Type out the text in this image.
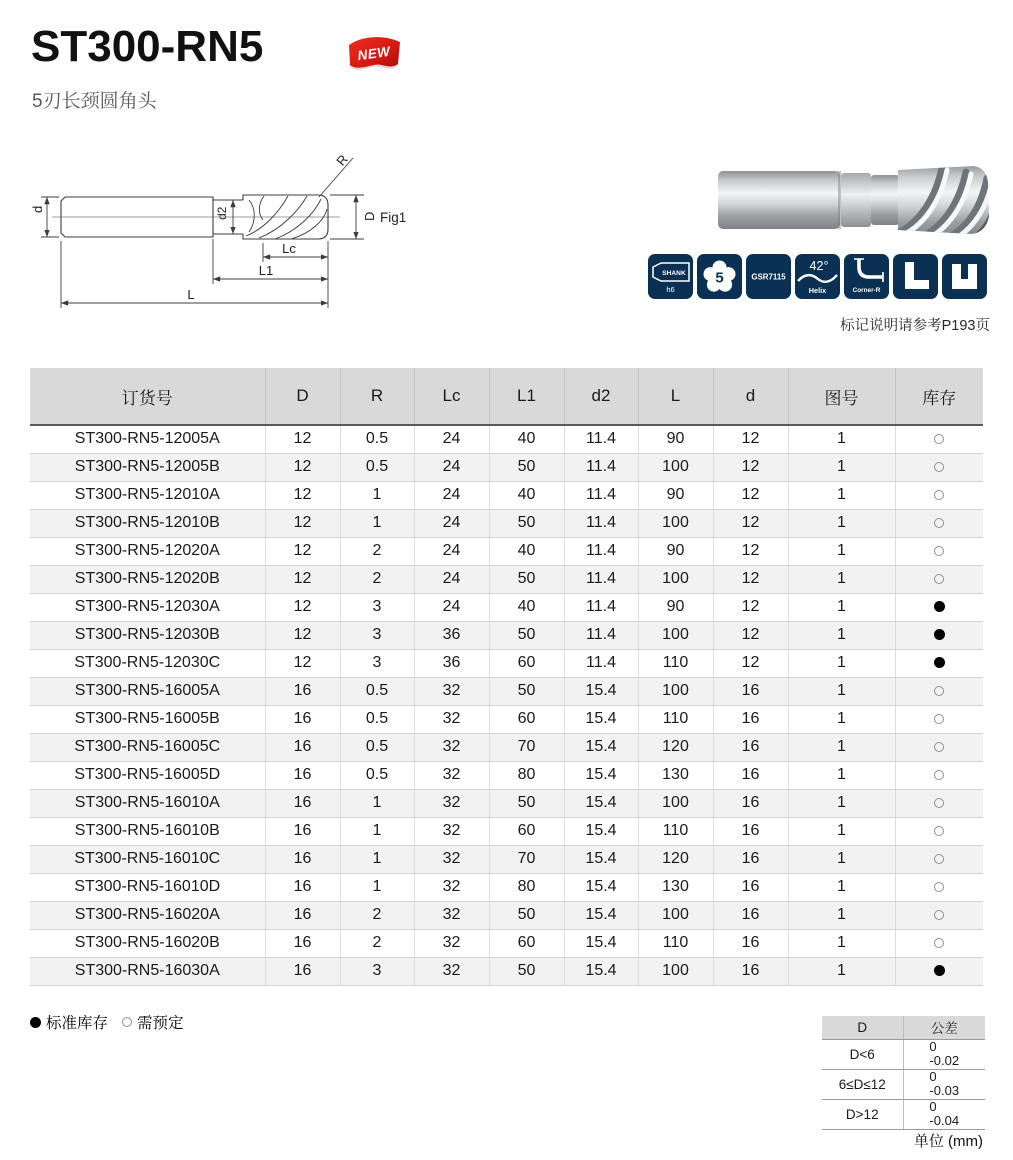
ST300-RN5	NEW
5刃长颈圆角头
d	d2	D
R
Lc
L1
L
Fig1
SHANK
h6
5	GSR7115
42°
Helix	Corner-R
标记说明请参考P193页
订货号	D	R	Lc	L1	d2	L	d	图号	库存
ST300-RN5-12005A	12	0.5	24	40	11.4	90	12	1	
ST300-RN5-12005B	12	0.5	24	50	11.4	100	12	1	
ST300-RN5-12010A	12	1	24	40	11.4	90	12	1	
ST300-RN5-12010B	12	1	24	50	11.4	100	12	1	
ST300-RN5-12020A	12	2	24	40	11.4	90	12	1	
ST300-RN5-12020B	12	2	24	50	11.4	100	12	1	
ST300-RN5-12030A	12	3	24	40	11.4	90	12	1	
ST300-RN5-12030B	12	3	36	50	11.4	100	12	1	
ST300-RN5-12030C	12	3	36	60	11.4	110	12	1	
ST300-RN5-16005A	16	0.5	32	50	15.4	100	16	1	
ST300-RN5-16005B	16	0.5	32	60	15.4	110	16	1	
ST300-RN5-16005C	16	0.5	32	70	15.4	120	16	1	
ST300-RN5-16005D	16	0.5	32	80	15.4	130	16	1	
ST300-RN5-16010A	16	1	32	50	15.4	100	16	1	
ST300-RN5-16010B	16	1	32	60	15.4	110	16	1	
ST300-RN5-16010C	16	1	32	70	15.4	120	16	1	
ST300-RN5-16010D	16	1	32	80	15.4	130	16	1	
ST300-RN5-16020A	16	2	32	50	15.4	100	16	1	
ST300-RN5-16020B	16	2	32	60	15.4	110	16	1	
ST300-RN5-16030A	16	3	32	50	15.4	100	16	1	
标准库存 需预定	D	公差
D<6	0
-0.02
6≤D≤12	0
-0.03
D>12	0
-0.04
单位 (mm)
